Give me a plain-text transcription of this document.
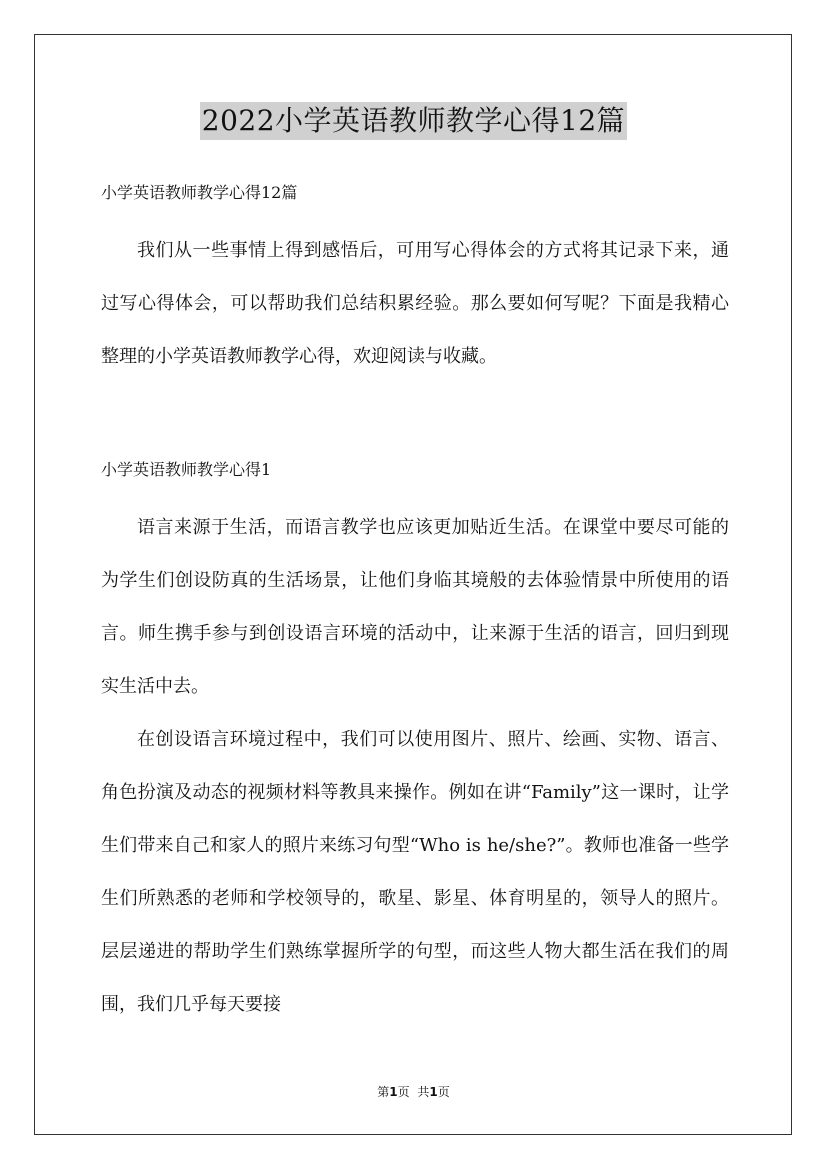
2022小学英语教师教学心得12篇

小学英语教师教学心得12篇

我们从一些事情上得到感悟后，可用写心得体会的方式将其记录下来，通过写心得体会，可以帮助我们总结积累经验。那么要如何写呢？下面是我精心整理的小学英语教师教学心得，欢迎阅读与收藏。

小学英语教师教学心得1

语言来源于生活，而语言教学也应该更加贴近生活。在课堂中要尽可能的为学生们创设防真的生活场景，让他们身临其境般的去体验情景中所使用的语言。师生携手参与到创设语言环境的活动中，让来源于生活的语言，回归到现实生活中去。

在创设语言环境过程中，我们可以使用图片、照片、绘画、实物、语言、角色扮演及动态的视频材料等教具来操作。例如在讲“Family”这一课时，让学生们带来自己和家人的照片来练习句型“Who is he/she?”。教师也准备一些学生们所熟悉的老师和学校领导的，歌星、影星、体育明星的，领导人的照片。层层递进的帮助学生们熟练掌握所学的句型，而这些人物大都生活在我们的周围，我们几乎每天要接

第1页 共1页
